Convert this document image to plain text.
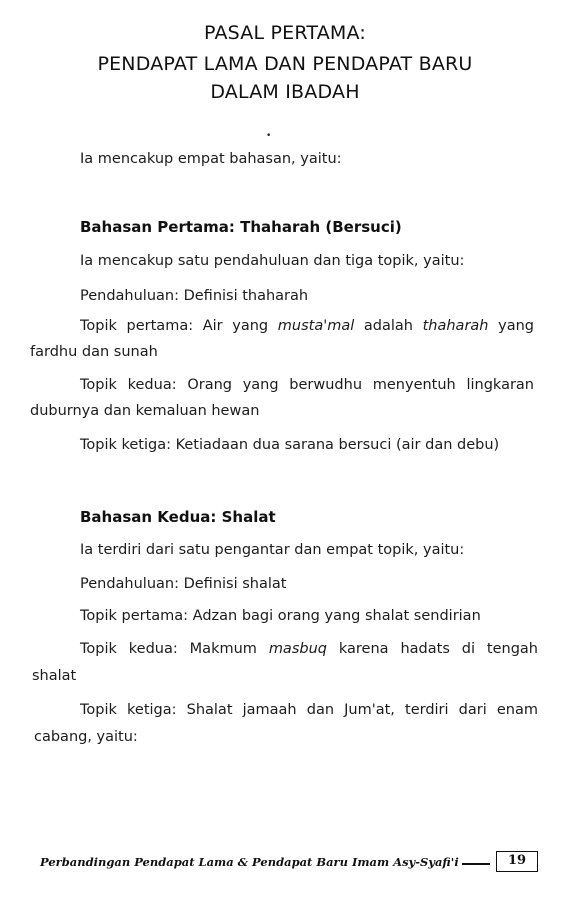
PASAL PERTAMA:
PENDAPAT LAMA DAN PENDAPAT BARU
DALAM IBADAH
•
Ia mencakup empat bahasan, yaitu:
Bahasan Pertama: Thaharah (Bersuci)
Ia mencakup satu pendahuluan dan tiga topik, yaitu:
Pendahuluan: Definisi thaharah
Topik pertama: Air yang musta'mal adalah thaharah yang
fardhu dan sunah
Topik kedua: Orang yang berwudhu menyentuh lingkaran
duburnya dan kemaluan hewan
Topik ketiga: Ketiadaan dua sarana bersuci (air dan debu)
Bahasan Kedua: Shalat
Ia terdiri dari satu pengantar dan empat topik, yaitu:
Pendahuluan: Definisi shalat
Topik pertama: Adzan bagi orang yang shalat sendirian
Topik kedua: Makmum masbuq karena hadats di tengah
shalat
Topik ketiga: Shalat jamaah dan Jum'at, terdiri dari enam
cabang, yaitu:
Perbandingan Pendapat Lama & Pendapat Baru Imam Asy-Syafi'i	19
